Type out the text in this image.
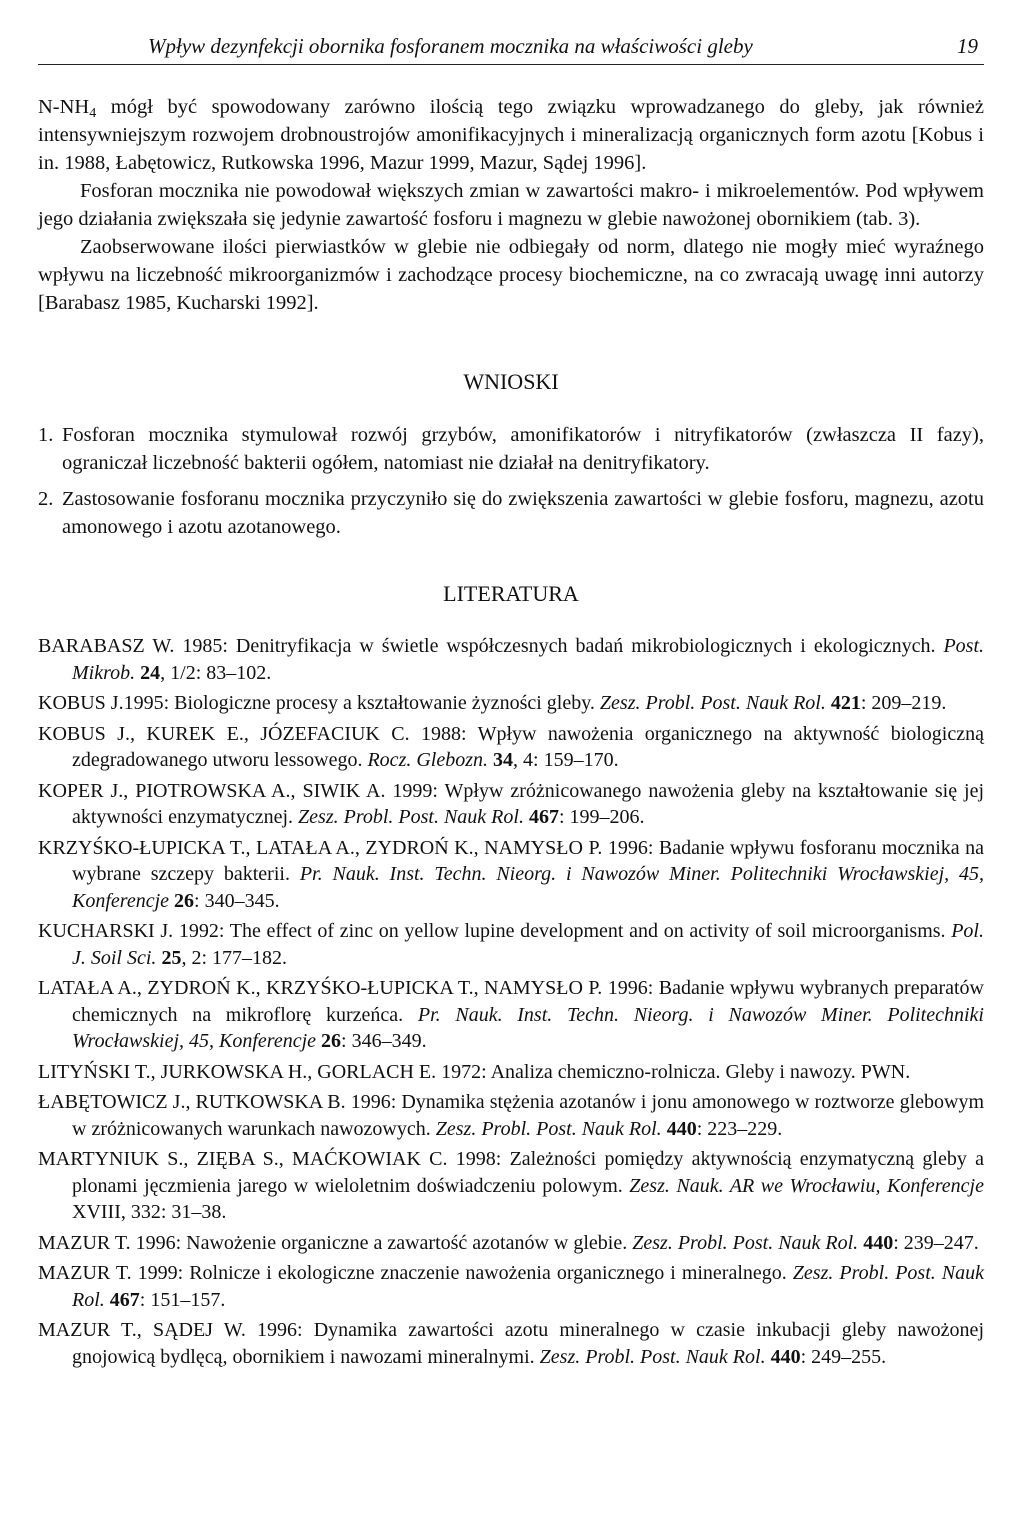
Wpływ dezynfekcji obornika fosforanem mocznika na właściwości gleby	19

$N-NH_4$ mógł być spowodowany zarówno ilością tego związku wprowadzanego do gleby, jak również intensywniejszym rozwojem drobnoustrojów amonifikacyjnych i mineralizacją organicznych form azotu [Kobus i in. 1988, Łabętowicz, Rutkowska 1996, Mazur 1999, Mazur, Sądej 1996].

Fosforan mocznika nie powodował większych zmian w zawartości makro- i mikroelementów. Pod wpływem jego działania zwiększała się jedynie zawartość fosforu i magnezu w glebie nawożonej obornikiem (tab. 3).

Zaobserwowane ilości pierwiastków w glebie nie odbiegały od norm, dlatego nie mogły mieć wyraźnego wpływu na liczebność mikroorganizmów i zachodzące procesy biochemiczne, na co zwracają uwagę inni autorzy [Barabasz 1985, Kucharski 1992].

WNIOSKI
1. Fosforan mocznika stymulował rozwój grzybów, amonifikatorów i nitryfikatorów (zwłaszcza II fazy), ograniczał liczebność bakterii ogółem, natomiast nie działał na denitryfikatory.
2. Zastosowanie fosforanu mocznika przyczyniło się do zwiększenia zawartości w glebie fosforu, magnezu, azotu amonowego i azotu azotanowego.
LITERATURA
BARABASZ W. 1985: Denitryfikacja w świetle współczesnych badań mikrobiologicznych i ekologicznych. Post. Mikrob. 24, 1/2: 83–102.
KOBUS J.1995: Biologiczne procesy a kształtowanie żyzności gleby. Zesz. Probl. Post. Nauk Rol. 421: 209–219.
KOBUS J., KUREK E., JÓZEFACIUK C. 1988: Wpływ nawożenia organicznego na aktywność biologiczną zdegradowanego utworu lessowego. Rocz. Glebozn. 34, 4: 159–170.
KOPER J., PIOTROWSKA A., SIWIK A. 1999: Wpływ zróżnicowanego nawożenia gleby na kształtowanie się jej aktywności enzymatycznej. Zesz. Probl. Post. Nauk Rol. 467: 199–206.
KRZYŚKO-ŁUPICKA T., LATAŁA A., ZYDROŃ K., NAMYSŁO P. 1996: Badanie wpływu fosforanu mocznika na wybrane szczepy bakterii. Pr. Nauk. Inst. Techn. Nieorg. i Nawozów Miner. Politechniki Wrocławskiej, 45, Konferencje 26: 340–345.
KUCHARSKI J. 1992: The effect of zinc on yellow lupine development and on activity of soil microorganisms. Pol. J. Soil Sci. 25, 2: 177–182.
LATAŁA A., ZYDROŃ K., KRZYŚKO-ŁUPICKA T., NAMYSŁO P. 1996: Badanie wpływu wybranych preparatów chemicznych na mikroflorę kurzeńca. Pr. Nauk. Inst. Techn. Nieorg. i Nawozów Miner. Politechniki Wrocławskiej, 45, Konferencje 26: 346–349.
LITYŃSKI T., JURKOWSKA H., GORLACH E. 1972: Analiza chemiczno-rolnicza. Gleby i nawozy. PWN.
ŁABĘTOWICZ J., RUTKOWSKA B. 1996: Dynamika stężenia azotanów i jonu amonowego w roztworze glebowym w zróżnicowanych warunkach nawozowych. Zesz. Probl. Post. Nauk Rol. 440: 223–229.
MARTYNIUK S., ZIĘBA S., MAĆKOWIAK C. 1998: Zależności pomiędzy aktywnością enzymatyczną gleby a plonami jęczmienia jarego w wieloletnim doświadczeniu polowym. Zesz. Nauk. AR we Wrocławiu, Konferencje XVIII, 332: 31–38.
MAZUR T. 1996: Nawożenie organiczne a zawartość azotanów w glebie. Zesz. Probl. Post. Nauk Rol. 440: 239–247.
MAZUR T. 1999: Rolnicze i ekologiczne znaczenie nawożenia organicznego i mineralnego. Zesz. Probl. Post. Nauk Rol. 467: 151–157.
MAZUR T., SĄDEJ W. 1996: Dynamika zawartości azotu mineralnego w czasie inkubacji gleby nawożonej gnojowicą bydlęcą, obornikiem i nawozami mineralnymi. Zesz. Probl. Post. Nauk Rol. 440: 249–255.
